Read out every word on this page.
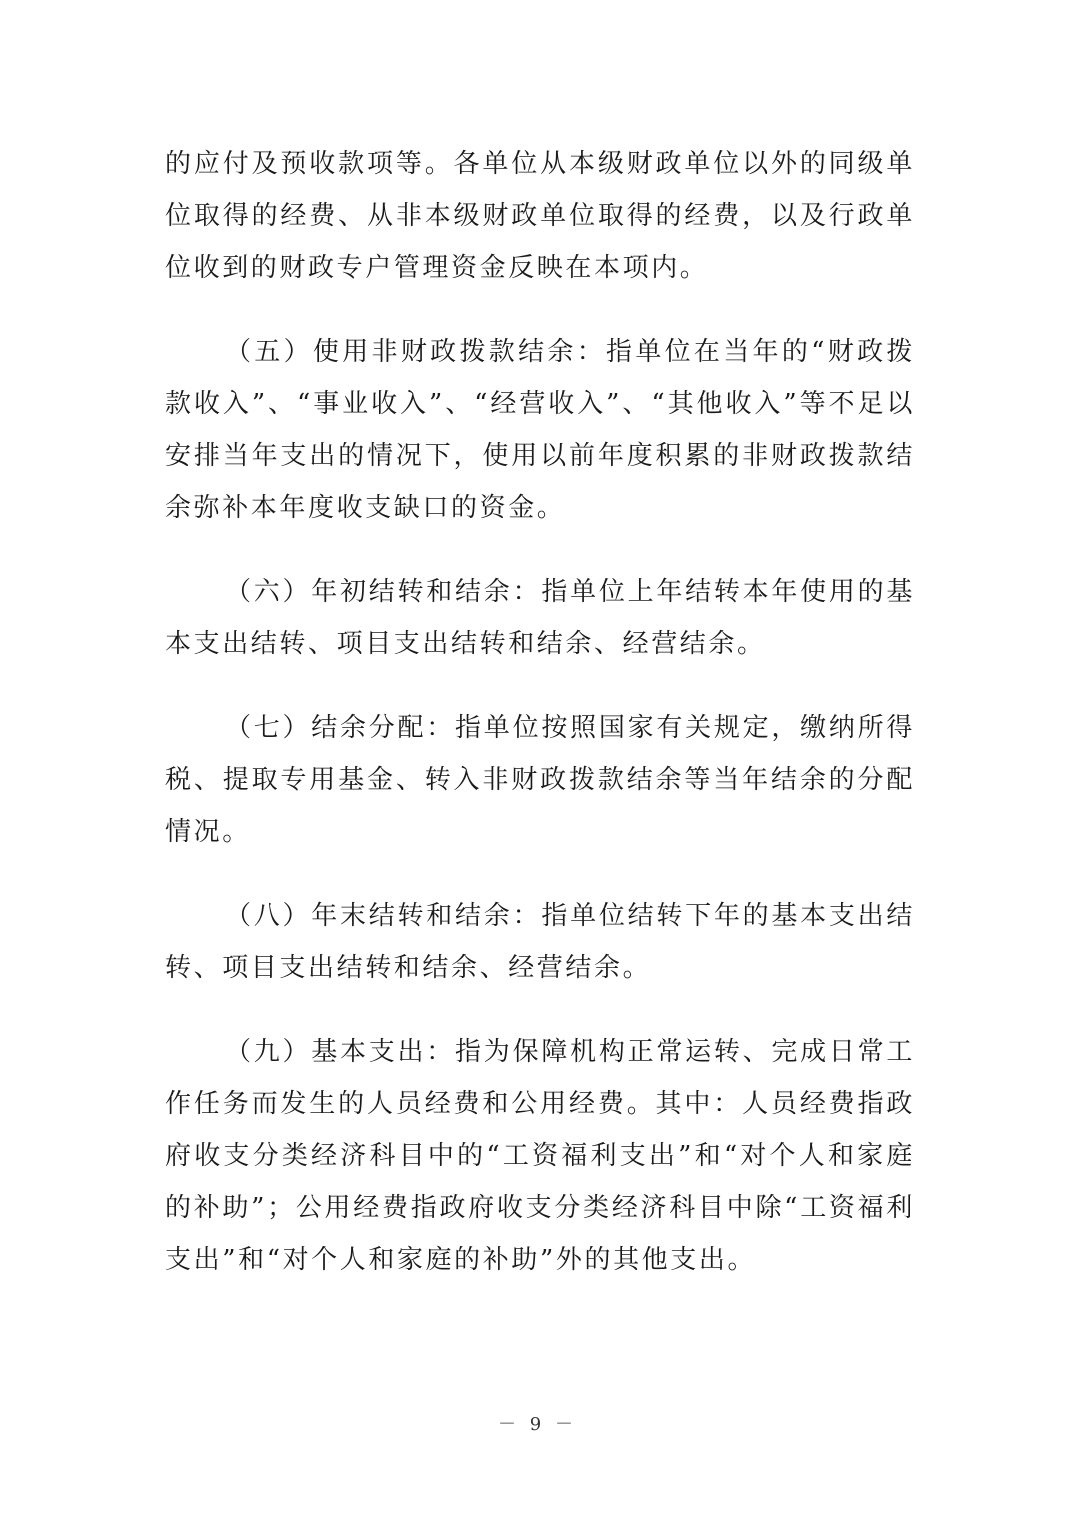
的应付及预收款项等。各单位从本级财政单位以外的同级单位取得的经费、从非本级财政单位取得的经费，以及行政单位收到的财政专户管理资金反映在本项内。

（五）使用非财政拨款结余：指单位在当年的“财政拨款收入”、“事业收入”、“经营收入”、“其他收入”等不足以安排当年支出的情况下，使用以前年度积累的非财政拨款结余弥补本年度收支缺口的资金。

（六）年初结转和结余：指单位上年结转本年使用的基本支出结转、项目支出结转和结余、经营结余。

（七）结余分配：指单位按照国家有关规定，缴纳所得税、提取专用基金、转入非财政拨款结余等当年结余的分配情况。

（八）年末结转和结余：指单位结转下年的基本支出结转、项目支出结转和结余、经营结余。

（九）基本支出：指为保障机构正常运转、完成日常工作任务而发生的人员经费和公用经费。其中：人员经费指政府收支分类经济科目中的“工资福利支出”和“对个人和家庭的补助”；公用经费指政府收支分类经济科目中除“工资福利支出”和“对个人和家庭的补助”外的其他支出。

－ 9 －
